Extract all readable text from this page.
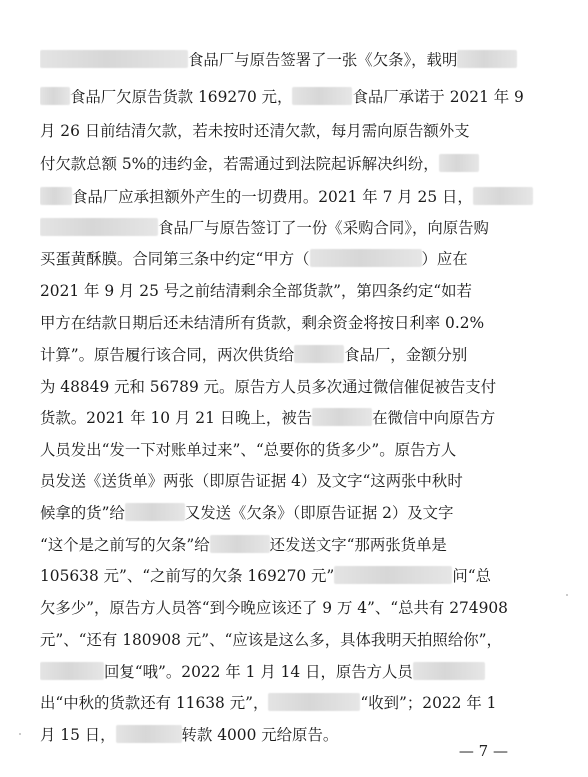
食品厂与原告签署了一张《欠条》，载明
食品厂欠原告货款 169270 元，	食品厂承诺于 2021 年 9
月 26 日前结清欠款，若未按时还清欠款，每月需向原告额外支
付欠款总额 5%的违约金，若需通过到法院起诉解决纠纷，
食品厂应承担额外产生的一切费用。2021 年 7 月 25 日，
食品厂与原告签订了一份《采购合同》，向原告购
买蛋黄酥膜。合同第三条中约定“甲方（	）应在
2021 年 9 月 25 号之前结清剩余全部货款”，第四条约定“如若
甲方在结款日期后还未结清所有货款，剩余资金将按日利率 0.2%
计算”。原告履行该合同，两次供货给	食品厂，金额分别
为 48849 元和 56789 元。原告方人员多次通过微信催促被告支付
货款。2021 年 10 月 21 日晚上，被告	在微信中向原告方
人员发出“发一下对账单过来”、“总要你的货多少”。原告方人
员发送《送货单》两张（即原告证据 4）及文字“这两张中秋时
候拿的货”给	又发送《欠条》（即原告证据 2）及文字
“这个是之前写的欠条”给	还发送文字“那两张货单是
105638 元”、“之前写的欠条 169270 元”	问“总
欠多少”，原告方人员答“到今晚应该还了 9 万 4”、“总共有 274908
元”、“还有 180908 元”、“应该是这么多，具体我明天拍照给你”，
回复“哦”。2022 年 1 月 14 日，原告方人员
出“中秋的货款还有 11638 元”，	“收到”；2022 年 1
月 15 日，	转款 4000 元给原告。
— 7 —
